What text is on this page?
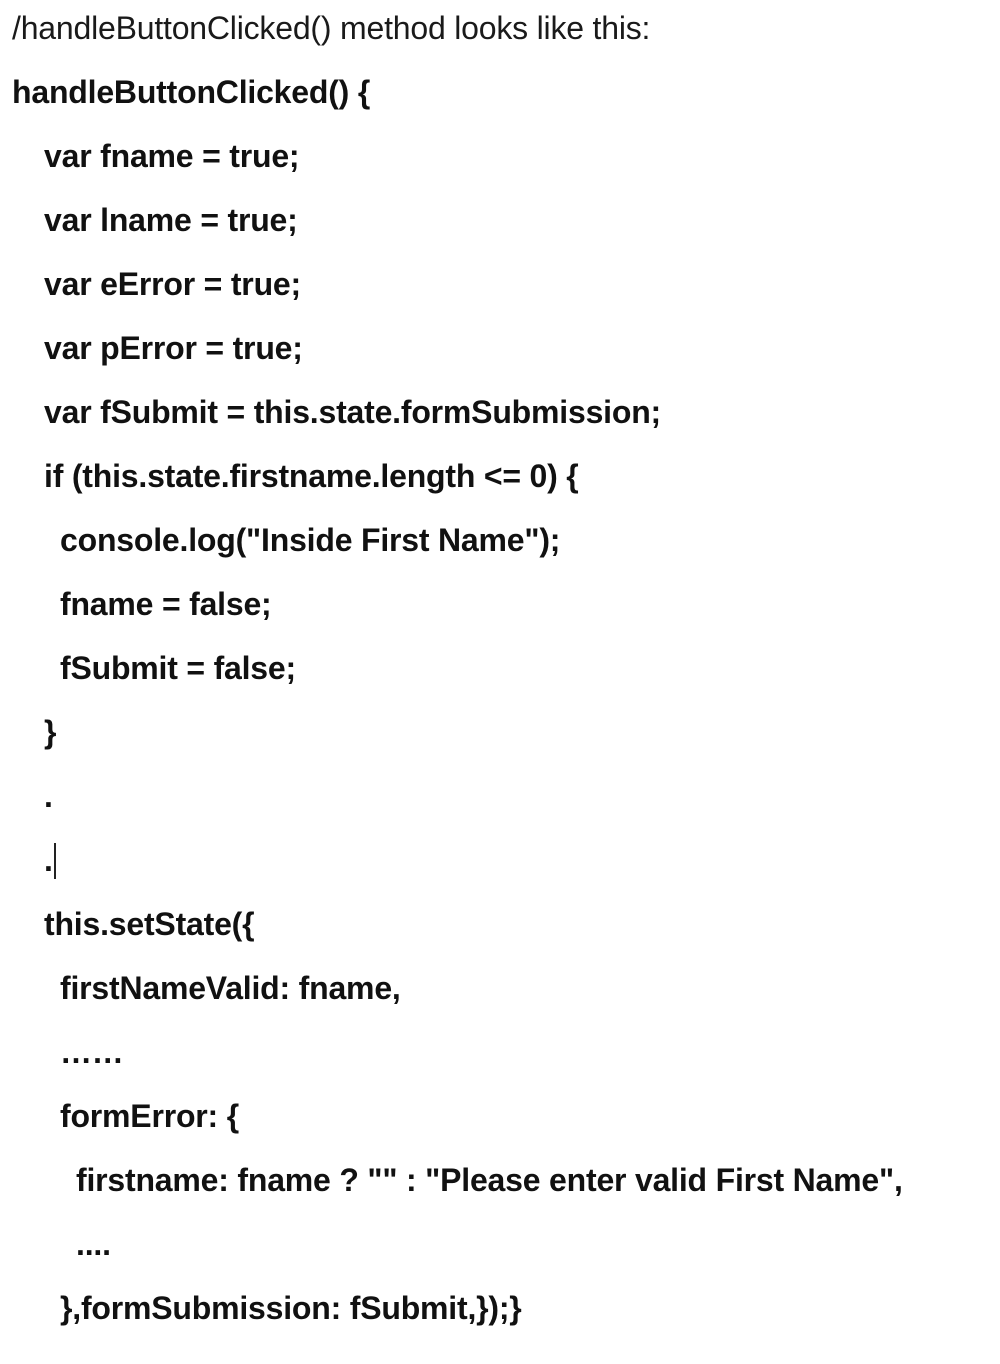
/handleButtonClicked() method looks like this:
handleButtonClicked() {
var fname = true;
var lname = true;
var eError = true;
var pError = true;
var fSubmit = this.state.formSubmission;
if (this.state.firstname.length <= 0) {
console.log("Inside First Name");
fname = false;
fSubmit = false;
}
.
.
this.setState({
firstNameValid: fname,
……
formError: {
firstname: fname ? "" : "Please enter valid First Name",
....
},formSubmission: fSubmit,});}
